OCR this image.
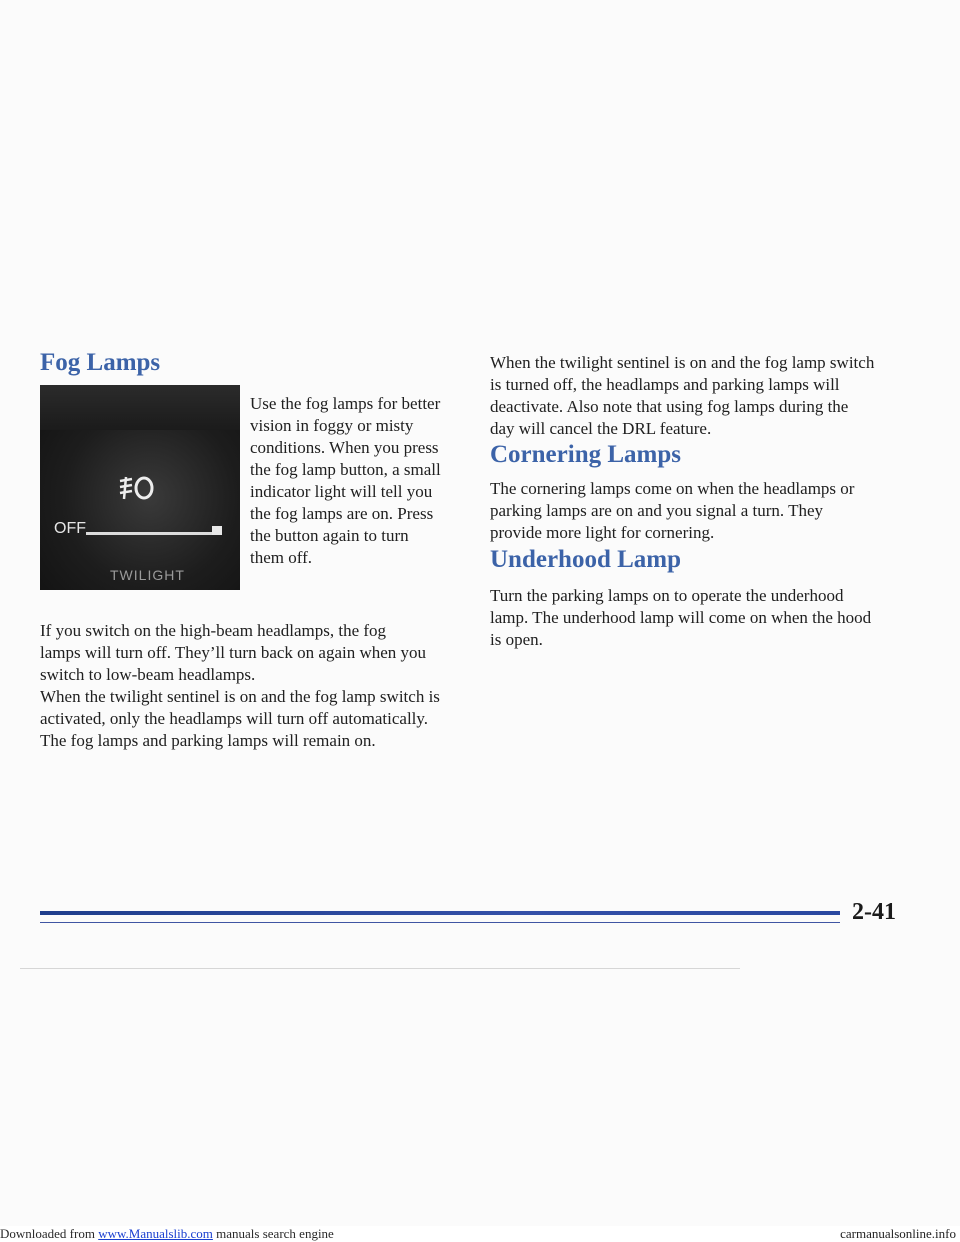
Fog Lamps
OFF
TWILIGHT

Use the fog lamps for better
vision in foggy or misty
conditions. When you press
the fog lamp button, a small
indicator light will tell you
the fog lamps are on. Press
the button again to turn
them off.

If you switch on the high-beam headlamps, the fog
lamps will turn off. They’ll turn back on again when you
switch to low-beam headlamps.

When the twilight sentinel is on and the fog lamp switch is
activated, only the headlamps will turn off automatically.
The fog lamps and parking lamps will remain on.

When the twilight sentinel is on and the fog lamp switch
is turned off, the headlamps and parking lamps will
deactivate. Also note that using fog lamps during the
day will cancel the DRL feature.

Cornering Lamps

The cornering lamps come on when the headlamps or
parking lamps are on and you signal a turn. They
provide more light for cornering.

Underhood Lamp

Turn the parking lamps on to operate the underhood
lamp. The underhood lamp will come on when the hood
is open.

2-41

Downloaded from www.Manualslib.com manuals search engine	carmanualsonline.info
